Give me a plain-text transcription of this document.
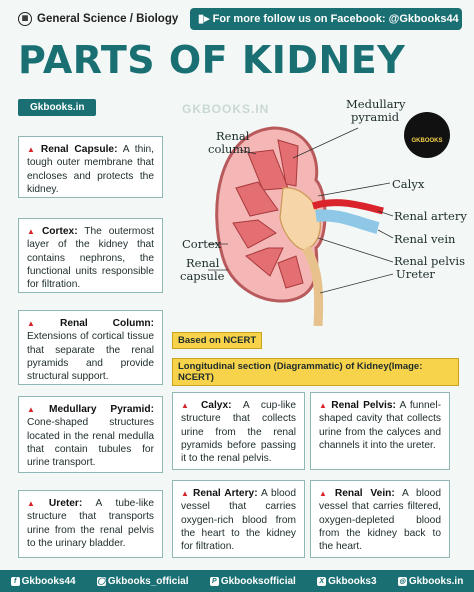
▦ General Science / Biology	▮▸ For more follow us on Facebook: @Gkbooks44
PARTS OF KIDNEY
Gkbooks.in	GKBOOKS.IN	Medullary
pyramid
Renal
column
Calyx
Renal artery
Renal vein
Cortex
Renal pelvis
Renal
capsule	Ureter
GKBOOKS
▲ Renal Capsule: A thin, tough outer membrane that encloses and protects the kidney.
▲ Cortex: The outermost layer of the kidney that contains nephrons, the functional units responsible for filtration.
▲ Renal Column: Extensions of cortical tissue that separate the renal pyramids and provide structural support.
▲ Medullary Pyramid: Cone-shaped structures located in the renal medulla that contain tubules for urine transport.
▲ Ureter: A tube-like structure that transports urine from the renal pelvis to the urinary bladder.
Based on NCERT
Longitudinal section (Diagrammatic) of Kidney(Image: NCERT)
▲ Calyx: A cup-like structure that collects urine from the renal pyramids before passing it to the renal pelvis.
▲ Renal Pelvis: A funnel-shaped cavity that collects urine from the calyces and channels it into the ureter.
▲ Renal Artery: A blood vessel that carries oxygen-rich blood from the heart to the kidney for filtration.
▲ Renal Vein: A blood vessel that carries filtered, oxygen-depleted blood from the kidney back to the heart.
f Gkbooks44	◯ Gkbooks_official	P Gkbooksofficial	X Gkbooks3	◎ Gkbooks.in
